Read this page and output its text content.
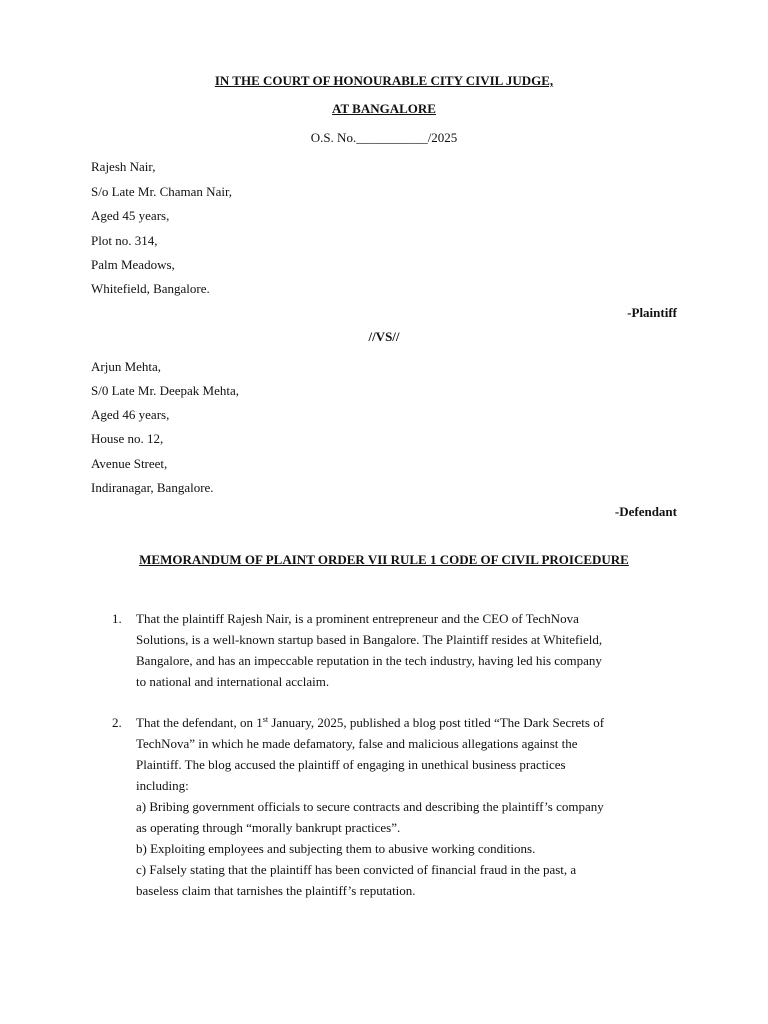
IN THE COURT OF HONOURABLE CITY CIVIL JUDGE,
AT BANGALORE
O.S. No.___________/2025
Rajesh Nair,
S/o Late Mr. Chaman Nair,
Aged 45 years,
Plot no. 314,
Palm Meadows,
Whitefield, Bangalore.
-Plaintiff
//VS//
Arjun Mehta,
S/0 Late Mr. Deepak Mehta,
Aged 46 years,
House no. 12,
Avenue Street,
Indiranagar, Bangalore.
-Defendant
MEMORANDUM OF PLAINT ORDER VII RULE 1 CODE OF CIVIL PROICEDURE
1. That the plaintiff Rajesh Nair, is a prominent entrepreneur and the CEO of TechNova
Solutions, is a well-known startup based in Bangalore. The Plaintiff resides at Whitefield,
Bangalore, and has an impeccable reputation in the tech industry, having led his company
to national and international acclaim.
2. That the defendant, on 1st January, 2025, published a blog post titled “The Dark Secrets of
TechNova” in which he made defamatory, false and malicious allegations against the
Plaintiff. The blog accused the plaintiff of engaging in unethical business practices
including:
a) Bribing government officials to secure contracts and describing the plaintiff’s company
as operating through “morally bankrupt practices”.
b) Exploiting employees and subjecting them to abusive working conditions.
c) Falsely stating that the plaintiff has been convicted of financial fraud in the past, a
baseless claim that tarnishes the plaintiff’s reputation.
